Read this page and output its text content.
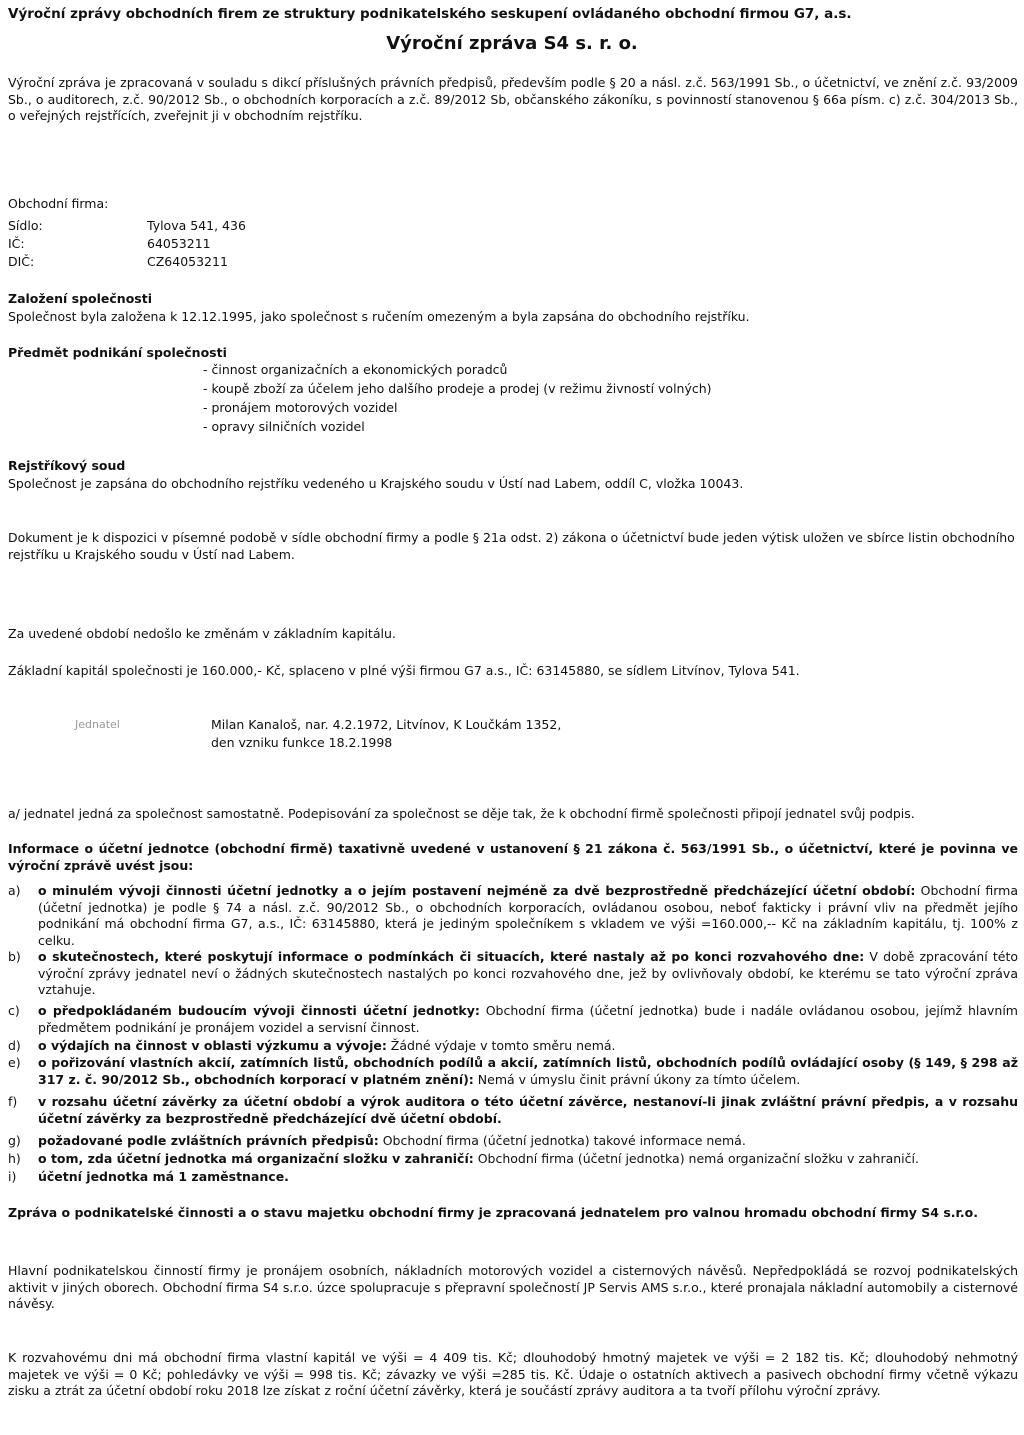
Výroční zprávy obchodních firem ze struktury podnikatelského seskupení ovládaného obchodní firmou G7, a.s.
Výroční zpráva S4 s. r. o.
Výroční zpráva je zpracovaná v souladu s dikcí příslušných právních předpisů, především podle § 20 a násl. z.č. 563/1991 Sb., o účetnictví, ve znění z.č. 93/2009 Sb., o auditorech, z.č. 90/2012 Sb., o obchodních korporacích a z.č. 89/2012 Sb, občanského zákoníku, s povinností stanovenou § 66a písm. c) z.č. 304/2013 Sb., o veřejných rejstřících, zveřejnit ji v obchodním rejstříku.
Obchodní firma:
Sídlo:	Tylova 541, 436
IČ:	64053211
DIČ:	CZ64053211
Založení společnosti
Společnost byla založena k 12.12.1995, jako společnost s ručením omezeným a byla zapsána do obchodního rejstříku.
Předmět podnikání společnosti
- činnost organizačních a ekonomických poradců
- koupě zboží za účelem jeho dalšího prodeje a prodej (v režimu živností volných)
- pronájem motorových vozidel
- opravy silničních vozidel
Rejstříkový soud
Společnost je zapsána do obchodního rejstříku vedeného u Krajského soudu v Ústí nad Labem, oddíl C, vložka 10043.
Dokument je k dispozici v písemné podobě v sídle obchodní firmy a podle § 21a odst. 2) zákona o účetnictví bude jeden výtisk uložen ve sbírce listin obchodního rejstříku u Krajského soudu v Ústí nad Labem.
Za uvedené období nedošlo ke změnám v základním kapitálu.
Základní kapitál společnosti je 160.000,- Kč, splaceno v plné výši firmou G7 a.s., IČ: 63145880, se sídlem Litvínov, Tylova 541.
Jednatel	Milan Kanaloš, nar. 4.2.1972, Litvínov, K Loučkám 1352,
den vzniku funkce 18.2.1998
a/ jednatel jedná za společnost samostatně. Podepisování za společnost se děje tak, že k obchodní firmě společnosti připojí jednatel svůj podpis.
Informace o účetní jednotce (obchodní firmě) taxativně uvedené v ustanovení § 21 zákona č. 563/1991 Sb., o účetnictví, které je povinna ve výroční zprávě uvést jsou:
a)	o minulém vývoji činnosti účetní jednotky a o jejím postavení nejméně za dvě bezprostředně předcházející účetní období: Obchodní firma (účetní jednotka) je podle § 74 a násl. z.č. 90/2012 Sb., o obchodních korporacích, ovládanou osobou, neboť fakticky i právní vliv na předmět jejího podnikání má obchodní firma G7, a.s., IČ: 63145880, která je jediným společníkem s vkladem ve výši =160.000,-- Kč na základním kapitálu, tj. 100% z celku.
b)	o skutečnostech, které poskytují informace o podmínkách či situacích, které nastaly až po konci rozvahového dne: V době zpracování této výroční zprávy jednatel neví o žádných skutečnostech nastalých po konci rozvahového dne, jež by ovlivňovaly období, ke kterému se tato výroční zpráva vztahuje.
c)	o předpokládaném budoucím vývoji činnosti účetní jednotky: Obchodní firma (účetní jednotka) bude i nadále ovládanou osobou, jejímž hlavním předmětem podnikání je pronájem vozidel a servisní činnost.
d)	o výdajích na činnost v oblasti výzkumu a vývoje: Žádné výdaje v tomto směru nemá.
e)	o pořizování vlastních akcií, zatímních listů, obchodních podílů a akcií, zatímních listů, obchodních podílů ovládající osoby (§ 149, § 298 až 317 z. č. 90/2012 Sb., obchodních korporací v platném znění): Nemá v úmyslu činit právní úkony za tímto účelem.
f)	v rozsahu účetní závěrky za účetní období a výrok auditora o této účetní závěrce, nestanoví-li jinak zvláštní právní předpis, a v rozsahu účetní závěrky za bezprostředně předcházející dvě účetní období.
g)	požadované podle zvláštních právních předpisů: Obchodní firma (účetní jednotka) takové informace nemá.
h)	o tom, zda účetní jednotka má organizační složku v zahraničí: Obchodní firma (účetní jednotka) nemá organizační složku v zahraničí.
i)	účetní jednotka má 1 zaměstnance.
Zpráva o podnikatelské činnosti a o stavu majetku obchodní firmy je zpracovaná jednatelem pro valnou hromadu obchodní firmy S4 s.r.o.
Hlavní podnikatelskou činností firmy je pronájem osobních, nákladních motorových vozidel a cisternových návěsů. Nepředpokládá se rozvoj podnikatelských aktivit v jiných oborech. Obchodní firma S4 s.r.o. úzce spolupracuje s přepravní společností JP Servis AMS s.r.o., které pronajala nákladní automobily a cisternové návěsy.
K rozvahovému dni má obchodní firma vlastní kapitál ve výši = 4 409 tis. Kč; dlouhodobý hmotný majetek ve výši = 2 182 tis. Kč; dlouhodobý nehmotný majetek ve výši = 0 Kč; pohledávky ve výši = 998 tis. Kč; závazky ve výši =285 tis. Kč. Údaje o ostatních aktivech a pasivech obchodní firmy včetně výkazu zisku a ztrát za účetní období roku 2018 lze získat z roční účetní závěrky, která je součástí zprávy auditora a ta tvoří přílohu výroční zprávy.
